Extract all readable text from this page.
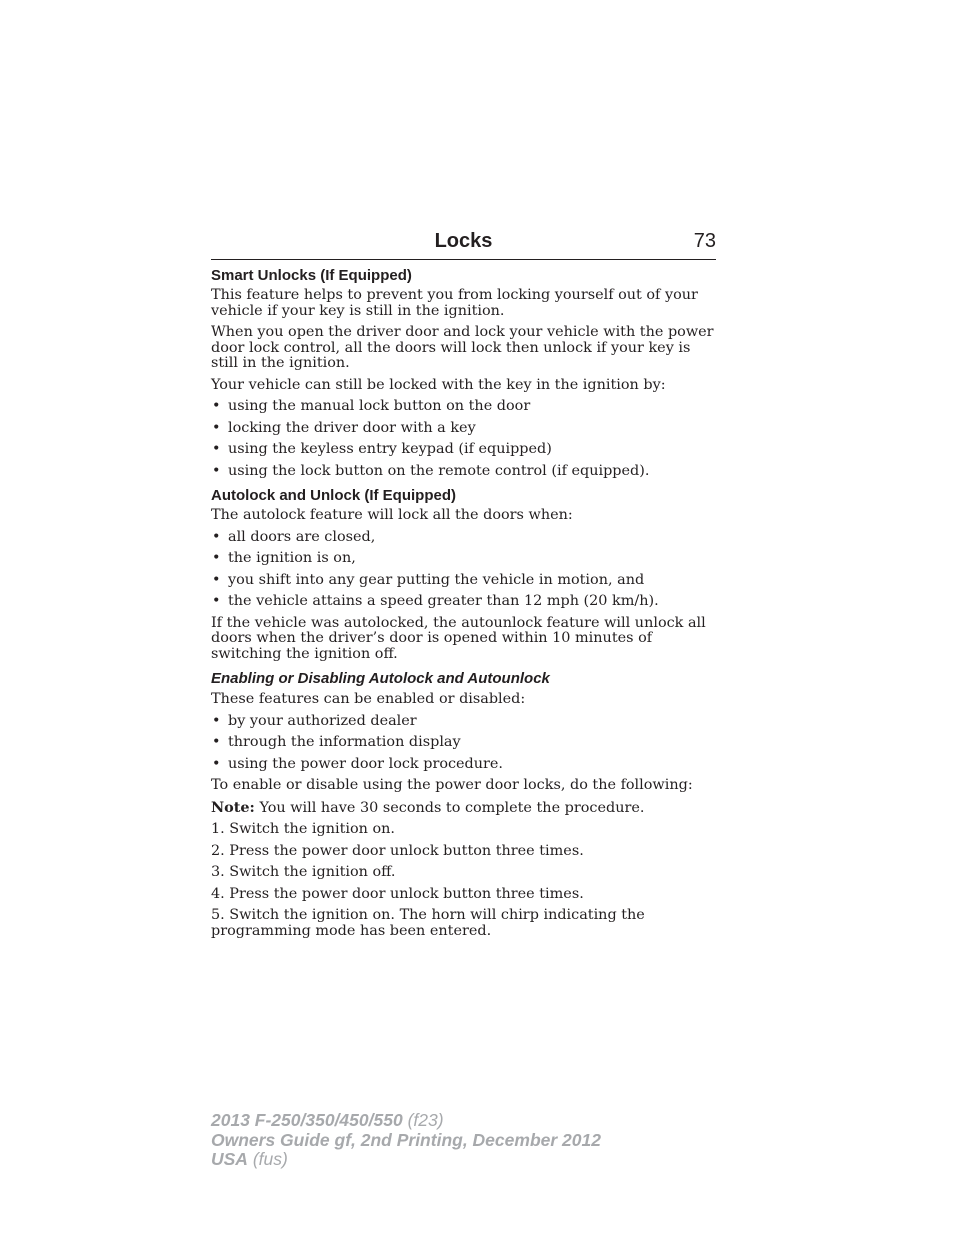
Locks	73
Smart Unlocks (If Equipped)

This feature helps to prevent you from locking yourself out of your vehicle if your key is still in the ignition.

When you open the driver door and lock your vehicle with the power door lock control, all the doors will lock then unlock if your key is still in the ignition.

Your vehicle can still be locked with the key in the ignition by:

• using the manual lock button on the door
• locking the driver door with a key
• using the keyless entry keypad (if equipped)
• using the lock button on the remote control (if equipped).
Autolock and Unlock (If Equipped)

The autolock feature will lock all the doors when:

• all doors are closed,
• the ignition is on,
• you shift into any gear putting the vehicle in motion, and
• the vehicle attains a speed greater than 12 mph (20 km/h).

If the vehicle was autolocked, the autounlock feature will unlock all doors when the driver’s door is opened within 10 minutes of switching the ignition off.

Enabling or Disabling Autolock and Autounlock

These features can be enabled or disabled:

• by your authorized dealer
• through the information display
• using the power door lock procedure.

To enable or disable using the power door locks, do the following:

Note: You will have 30 seconds to complete the procedure.

1. Switch the ignition on.

2. Press the power door unlock button three times.

3. Switch the ignition off.

4. Press the power door unlock button three times.

5. Switch the ignition on. The horn will chirp indicating the programming mode has been entered.

2013 F-250/350/450/550 (f23)
Owners Guide gf, 2nd Printing, December 2012
USA (fus)
